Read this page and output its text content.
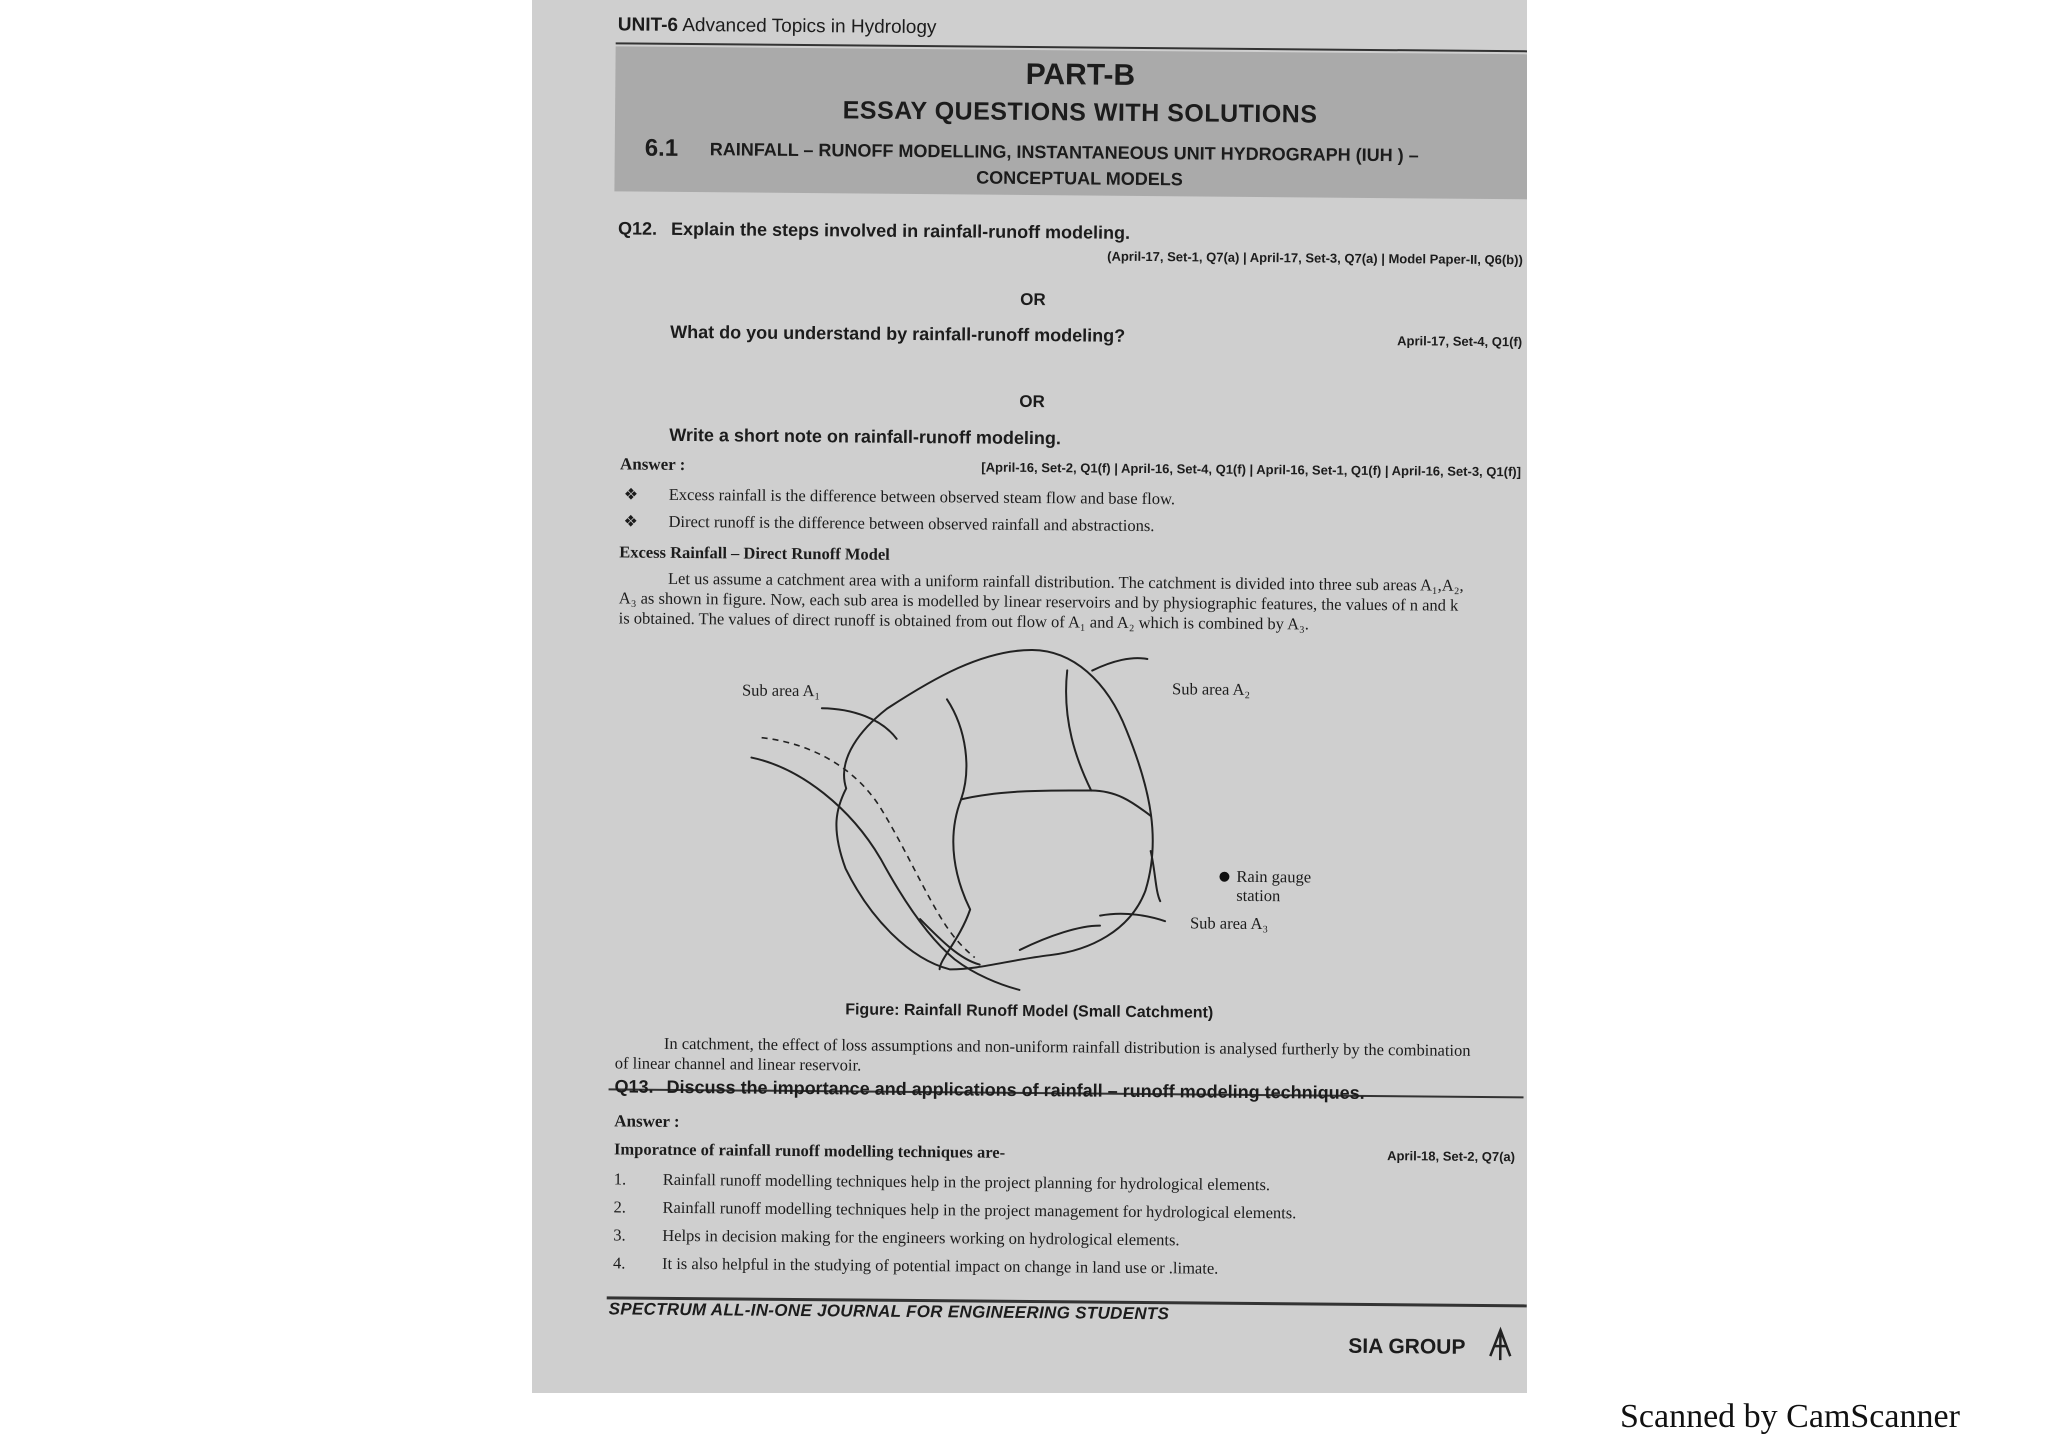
UNIT-6 Advanced Topics in Hydrology
PART-B
ESSAY QUESTIONS WITH SOLUTIONS
6.1 RAINFALL – RUNOFF MODELLING, INSTANTANEOUS UNIT HYDROGRAPH (IUH ) –
CONCEPTUAL MODELS
Q12. Explain the steps involved in rainfall-runoff modeling.
(April-17, Set-1, Q7(a) | April-17, Set-3, Q7(a) | Model Paper-II, Q6(b))
OR
What do you understand by rainfall-runoff modeling?	April-17, Set-4, Q1(f)
OR
Write a short note on rainfall-runoff modeling.
Answer :	[April-16, Set-2, Q1(f) | April-16, Set-4, Q1(f) | April-16, Set-1, Q1(f) | April-16, Set-3, Q1(f)]
❖ Excess rainfall is the difference between observed steam flow and base flow.
❖ Direct runoff is the difference between observed rainfall and abstractions.
Excess Rainfall – Direct Runoff Model
Let us assume a catchment area with a uniform rainfall distribution. The catchment is divided into three sub areas A₁,A₂,
A₃ as shown in figure. Now, each sub area is modelled by linear reservoirs and by physiographic features, the values of n and k
is obtained. The values of direct runoff is obtained from out flow of A₁ and A₂ which is combined by A₃.
Sub area A₁	Sub area A₂
Sub area A₃
Rain gauge station
Figure: Rainfall Runoff Model (Small Catchment)
In catchment, the effect of loss assumptions and non-uniform rainfall distribution is analysed furtherly by the combination
of linear channel and linear reservoir.
Q13. Discuss the importance and applications of rainfall – runoff modeling techniques.
Answer :
Imporatnce of rainfall runoff modelling techniques are-	April-18, Set-2, Q7(a)
1. Rainfall runoff modelling techniques help in the project planning for hydrological elements.
2. Rainfall runoff modelling techniques help in the project management for hydrological elements.
3. Helps in decision making for the engineers working on hydrological elements.
4. It is also helpful in the studying of potential impact on change in land use or .limate.
SPECTRUM ALL-IN-ONE JOURNAL FOR ENGINEERING STUDENTS
SIA GROUP
Scanned by CamScanner
